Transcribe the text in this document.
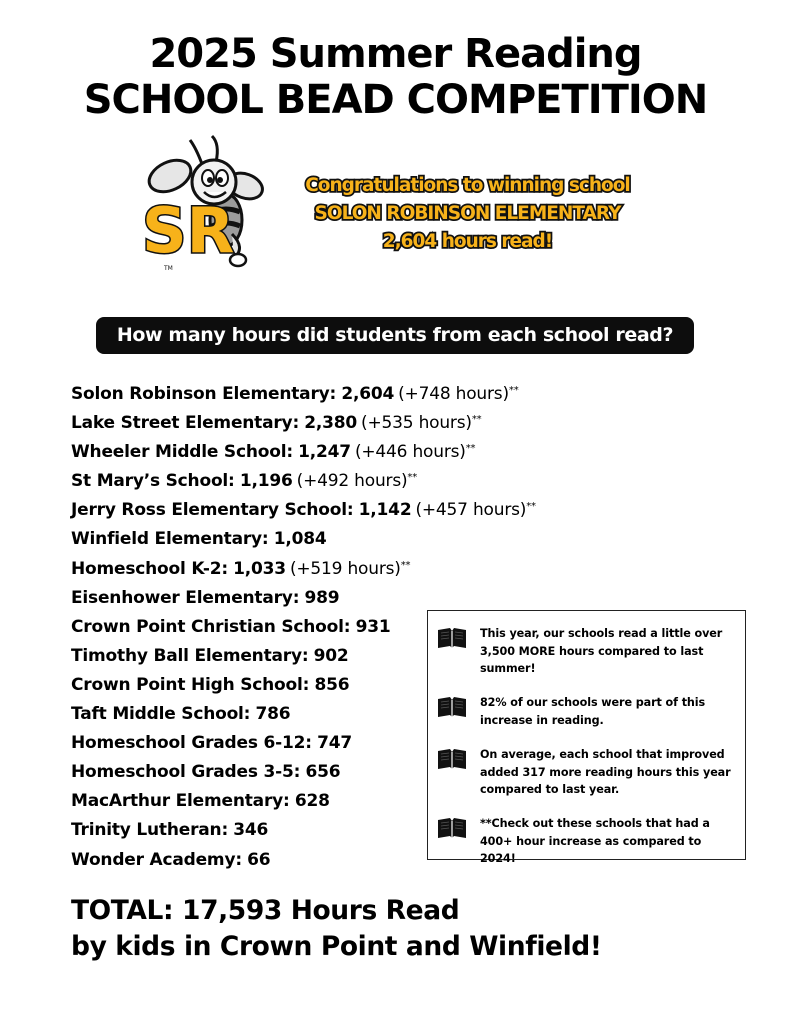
2025 Summer Reading
SCHOOL BEAD COMPETITION
SR
TM
Congratulations to winning school
SOLON ROBINSON ELEMENTARY
2,604 hours read!
How many hours did students from each school read?
Solon Robinson Elementary: 2,604 (+748 hours)**
Lake Street Elementary: 2,380 (+535 hours)**
Wheeler Middle School: 1,247 (+446 hours)**
St Mary’s School: 1,196 (+492 hours)**
Jerry Ross Elementary School: 1,142 (+457 hours)**
Winfield Elementary: 1,084
Homeschool K-2: 1,033 (+519 hours)**
Eisenhower Elementary: 989
Crown Point Christian School: 931
Timothy Ball Elementary: 902
Crown Point High School: 856
Taft Middle School: 786
Homeschool Grades 6-12: 747
Homeschool Grades 3-5: 656
MacArthur Elementary: 628
Trinity Lutheran: 346
Wonder Academy: 66
This year, our schools read a little over 3,500 MORE hours compared to last summer!
82% of our schools were part of this increase in reading.
On average, each school that improved added 317 more reading hours this year compared to last year.
**Check out these schools that had a 400+ hour increase as compared to 2024!
TOTAL: 17,593 Hours Read
by kids in Crown Point and Winfield!
